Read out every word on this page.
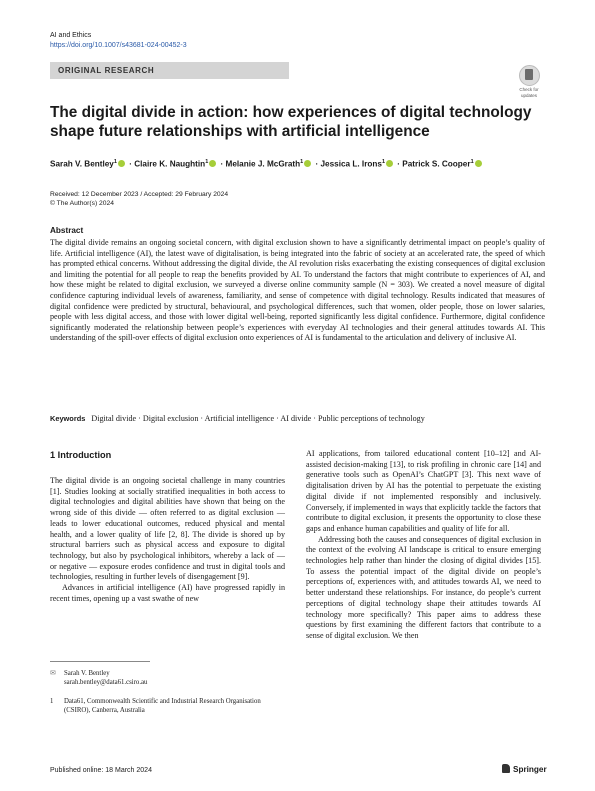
AI and Ethics
https://doi.org/10.1007/s43681-024-00452-3
ORIGINAL RESEARCH
Check for
updates
The digital divide in action: how experiences of digital technology shape future relationships with artificial intelligence
Sarah V. Bentley$^1$ · Claire K. Naughtin$^1$ · Melanie J. McGrath$^1$ · Jessica L. Irons$^1$ · Patrick S. Cooper$^1$
Received: 12 December 2023 / Accepted: 29 February 2024
© The Author(s) 2024
Abstract
The digital divide remains an ongoing societal concern, with digital exclusion shown to have a significantly detrimental impact on people’s quality of life. Artificial intelligence (AI), the latest wave of digitalisation, is being integrated into the fabric of society at an accelerated rate, the speed of which has prompted ethical concerns. Without addressing the digital divide, the AI revolution risks exacerbating the existing consequences of digital exclusion and limiting the potential for all people to reap the benefits provided by AI. To understand the factors that might contribute to experiences of AI, and how these might be related to digital exclusion, we surveyed a diverse online community sample (N = 303). We created a novel measure of digital confidence capturing individual levels of awareness, familiarity, and sense of competence with digital technology. Results indicated that measures of digital confidence were predicted by structural, behavioural, and psychological differences, such that women, older people, those on lower salaries, people with less digital access, and those with lower digital well-being, reported significantly less digital confidence. Furthermore, digital confidence significantly moderated the relationship between people’s experiences with everyday AI technologies and their general attitudes towards AI. This understanding of the spill-over effects of digital exclusion onto experiences of AI is fundamental to the articulation and delivery of inclusive AI.
Keywords Digital divide · Digital exclusion · Artificial intelligence · AI divide · Public perceptions of technology
1 Introduction

The digital divide is an ongoing societal challenge in many countries [1]. Studies looking at socially stratified inequalities in both access to digital technologies and digital abilities have shown that being on the wrong side of this divide — often referred to as digital exclusion — leads to lower educational outcomes, reduced physical and mental health, and a lower quality of life [2, 8]. The divide is shored up by structural barriers such as physical access and exposure to digital technology, but also by psychological inhibitors, whereby a lack of — or negative — exposure erodes confidence and trust in digital tools and technologies, resulting in further levels of disengagement [9].

Advances in artificial intelligence (AI) have progressed rapidly in recent times, opening up a vast swathe of new

AI applications, from tailored educational content [10–12] and AI-assisted decision-making [13], to risk profiling in chronic care [14] and generative tools such as OpenAI’s ChatGPT [3]. This next wave of digitalisation driven by AI has the potential to perpetuate the existing digital divide if not implemented responsibly and inclusively. Conversely, if implemented in ways that explicitly tackle the factors that contribute to digital exclusion, it presents the opportunity to close these gaps and enhance human capabilities and quality of life for all.

Addressing both the causes and consequences of digital exclusion in the context of the evolving AI landscape is critical to ensure emerging technologies help rather than hinder the closing of digital divides [15]. To assess the potential impact of the digital divide on people’s perceptions of, experiences with, and attitudes towards AI, we need to better understand these relationships. For instance, do people’s current perceptions of digital technology shape their attitudes towards AI technology more specifically? This paper aims to address these questions by first examining the different factors that contribute to a sense of digital exclusion. We then

✉ Sarah V. Bentley
sarah.bentley@data61.csiro.au
1 Data61, Commonwealth Scientific and Industrial Research Organisation (CSIRO), Canberra, Australia
Published online: 18 March 2024	Springer
